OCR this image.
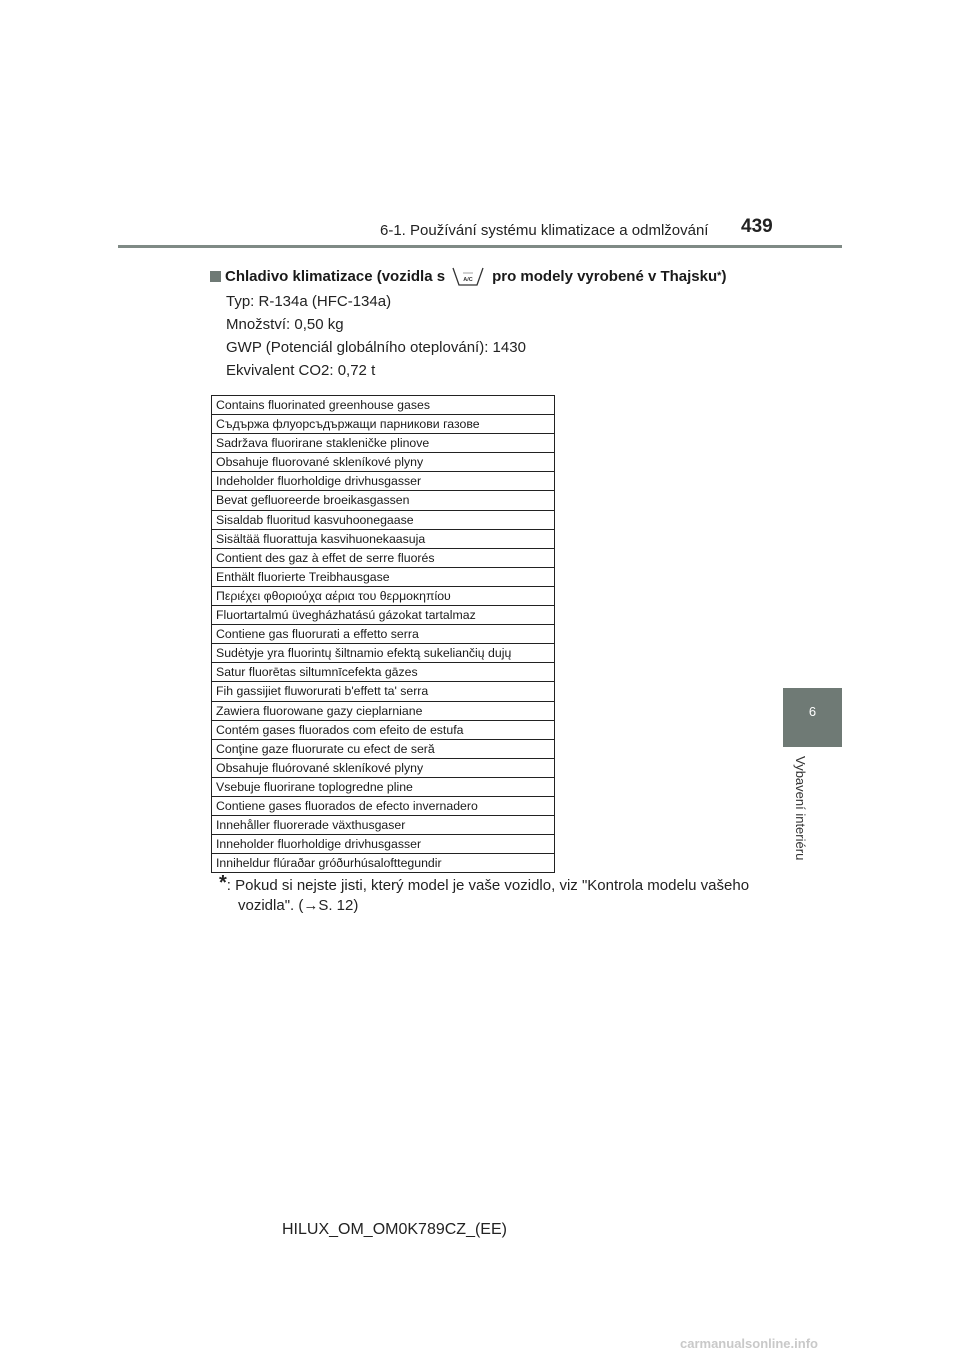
6-1. Používání systému klimatizace a odmlžování 439
6
Vybavení interiéru
Chladivo klimatizace (vozidla s	A/C pro modely vyrobené v Thajsku * )
Typ: R-134a (HFC-134a)
Množství: 0,50 kg
GWP (Potenciál globálního oteplování): 1430
Ekvivalent CO2: 0,72 t
Contains fluorinated greenhouse gases
Съдържа флуорсъдържащи парникови газове
Sadržava fluorirane stakleničke plinove
Obsahuje fluorované skleníkové plyny
Indeholder fluorholdige drivhusgasser
Bevat gefluoreerde broeikasgassen
Sisaldab fluoritud kasvuhoonegaase
Sisältää fluorattuja kasvihuonekaasuja
Contient des gaz à effet de serre fluorés
Enthält fluorierte Treibhausgase
Περιέχει φθοριούχα αέρια του θερμοκηπίου
Fluortartalmú üvegházhatású gázokat tartalmaz
Contiene gas fluorurati a effetto serra
Sudėtyje yra fluorintų šiltnamio efektą sukeliančių dujų
Satur fluorētas siltumnīcefekta gāzes
Fih gassijiet fluworurati b'effett ta' serra
Zawiera fluorowane gazy cieplarniane
Contém gases fluorados com efeito de estufa
Conţine gaze fluorurate cu efect de seră
Obsahuje fluórované skleníkové plyny
Vsebuje fluorirane toplogredne pline
Contiene gases fluorados de efecto invernadero
Innehåller fluorerade växthusgaser
Inneholder fluorholdige drivhusgasser
Inniheldur flúraðar gróðurhúsalofttegundir
*: Pokud si nejste jisti, který model je vaše vozidlo, viz "Kontrola modelu vašeho
vozidla". (→S. 12)
HILUX_OM_OM0K789CZ_(EE)
carmanualsonline.info
